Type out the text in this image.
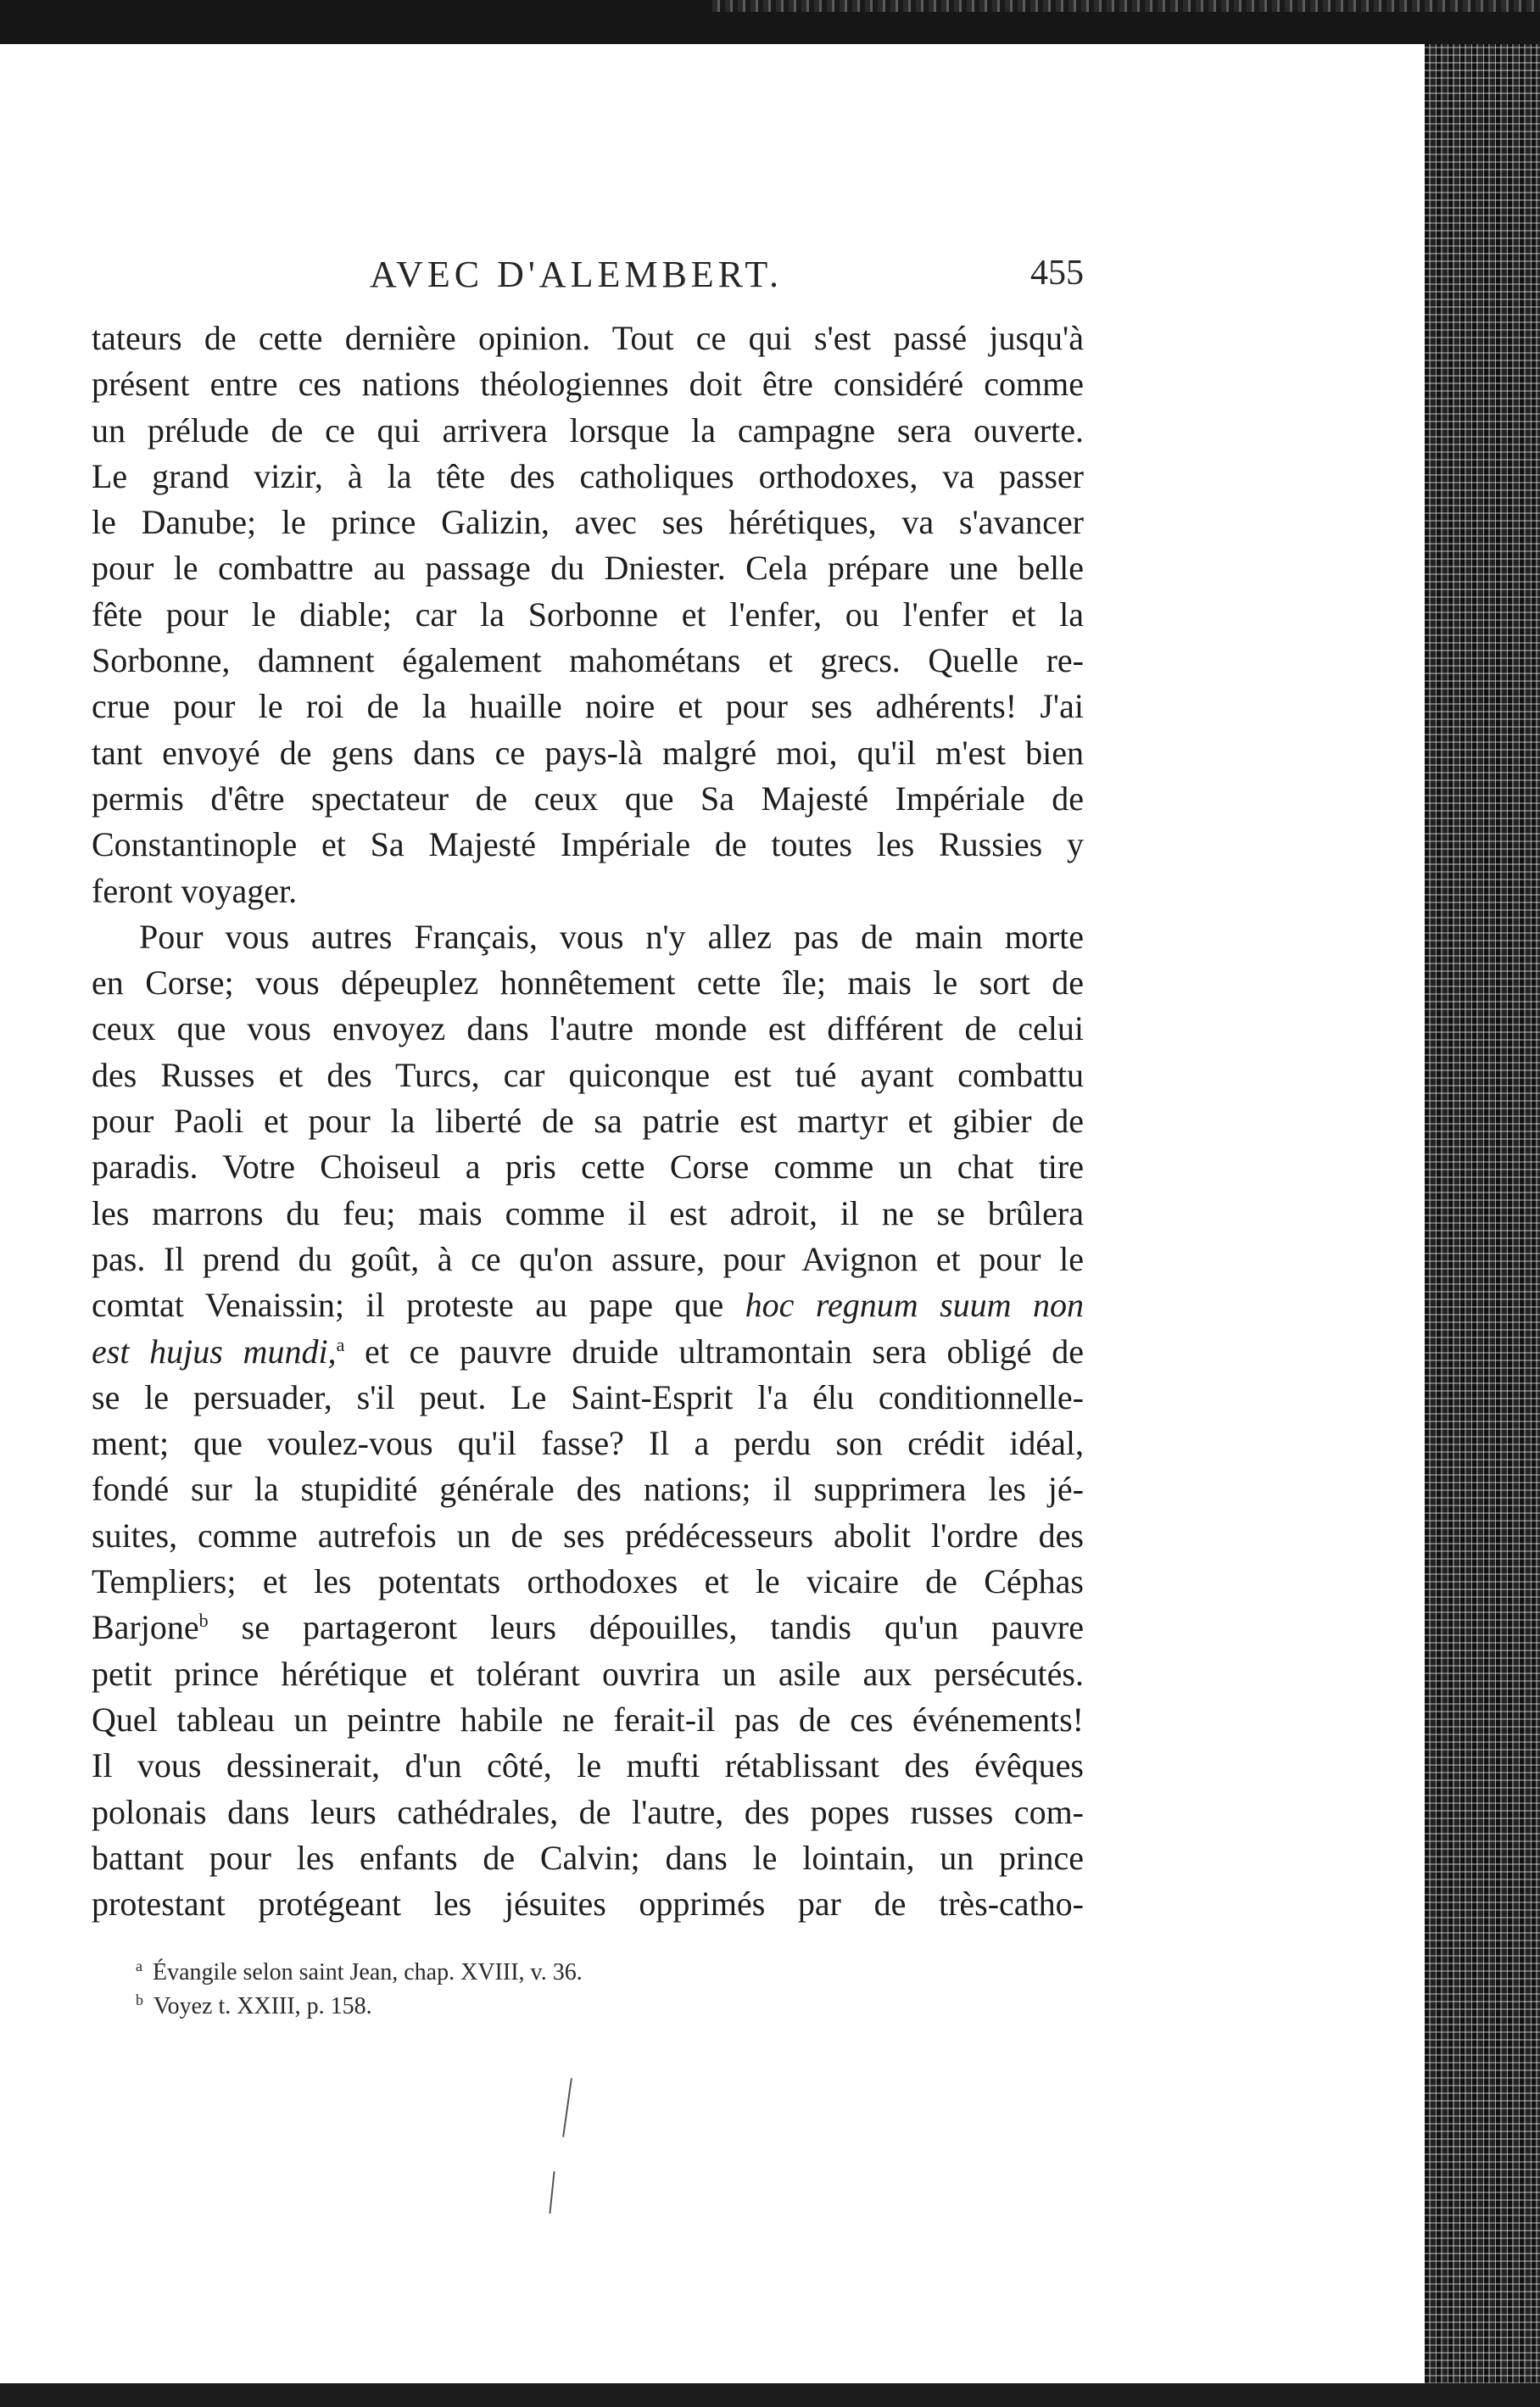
AVEC D'ALEMBERT.	455
tateurs de cette dernière opinion. Tout ce qui s'est passé jusqu'à
présent entre ces nations théologiennes doit être considéré comme
un prélude de ce qui arrivera lorsque la campagne sera ouverte.
Le grand vizir, à la tête des catholiques orthodoxes, va passer
le Danube; le prince Galizin, avec ses hérétiques, va s'avancer
pour le combattre au passage du Dniester. Cela prépare une belle
fête pour le diable; car la Sorbonne et l'enfer, ou l'enfer et la
Sorbonne, damnent également mahométans et grecs. Quelle re-
crue pour le roi de la huaille noire et pour ses adhérents! J'ai
tant envoyé de gens dans ce pays-là malgré moi, qu'il m'est bien
permis d'être spectateur de ceux que Sa Majesté Impériale de
Constantinople et Sa Majesté Impériale de toutes les Russies y
feront voyager.
Pour vous autres Français, vous n'y allez pas de main morte
en Corse; vous dépeuplez honnêtement cette île; mais le sort de
ceux que vous envoyez dans l'autre monde est différent de celui
des Russes et des Turcs, car quiconque est tué ayant combattu
pour Paoli et pour la liberté de sa patrie est martyr et gibier de
paradis. Votre Choiseul a pris cette Corse comme un chat tire
les marrons du feu; mais comme il est adroit, il ne se brûlera
pas. Il prend du goût, à ce qu'on assure, pour Avignon et pour le
comtat Venaissin; il proteste au pape que hoc regnum suum non
est hujus mundi,$^a$ et ce pauvre druide ultramontain sera obligé de
se le persuader, s'il peut. Le Saint-Esprit l'a élu conditionnelle-
ment; que voulez-vous qu'il fasse? Il a perdu son crédit idéal,
fondé sur la stupidité générale des nations; il supprimera les jé-
suites, comme autrefois un de ses prédécesseurs abolit l'ordre des
Templiers; et les potentats orthodoxes et le vicaire de Céphas
Barjone$^b$ se partageront leurs dépouilles, tandis qu'un pauvre
petit prince hérétique et tolérant ouvrira un asile aux persécutés.
Quel tableau un peintre habile ne ferait-il pas de ces événements!
Il vous dessinerait, d'un côté, le mufti rétablissant des évêques
polonais dans leurs cathédrales, de l'autre, des popes russes com-
battant pour les enfants de Calvin; dans le lointain, un prince
protestant protégeant les jésuites opprimés par de très-catho-
$^a$ Évangile selon saint Jean, chap. XVIII, v. 36.
$^b$ Voyez t. XXIII, p. 158.
